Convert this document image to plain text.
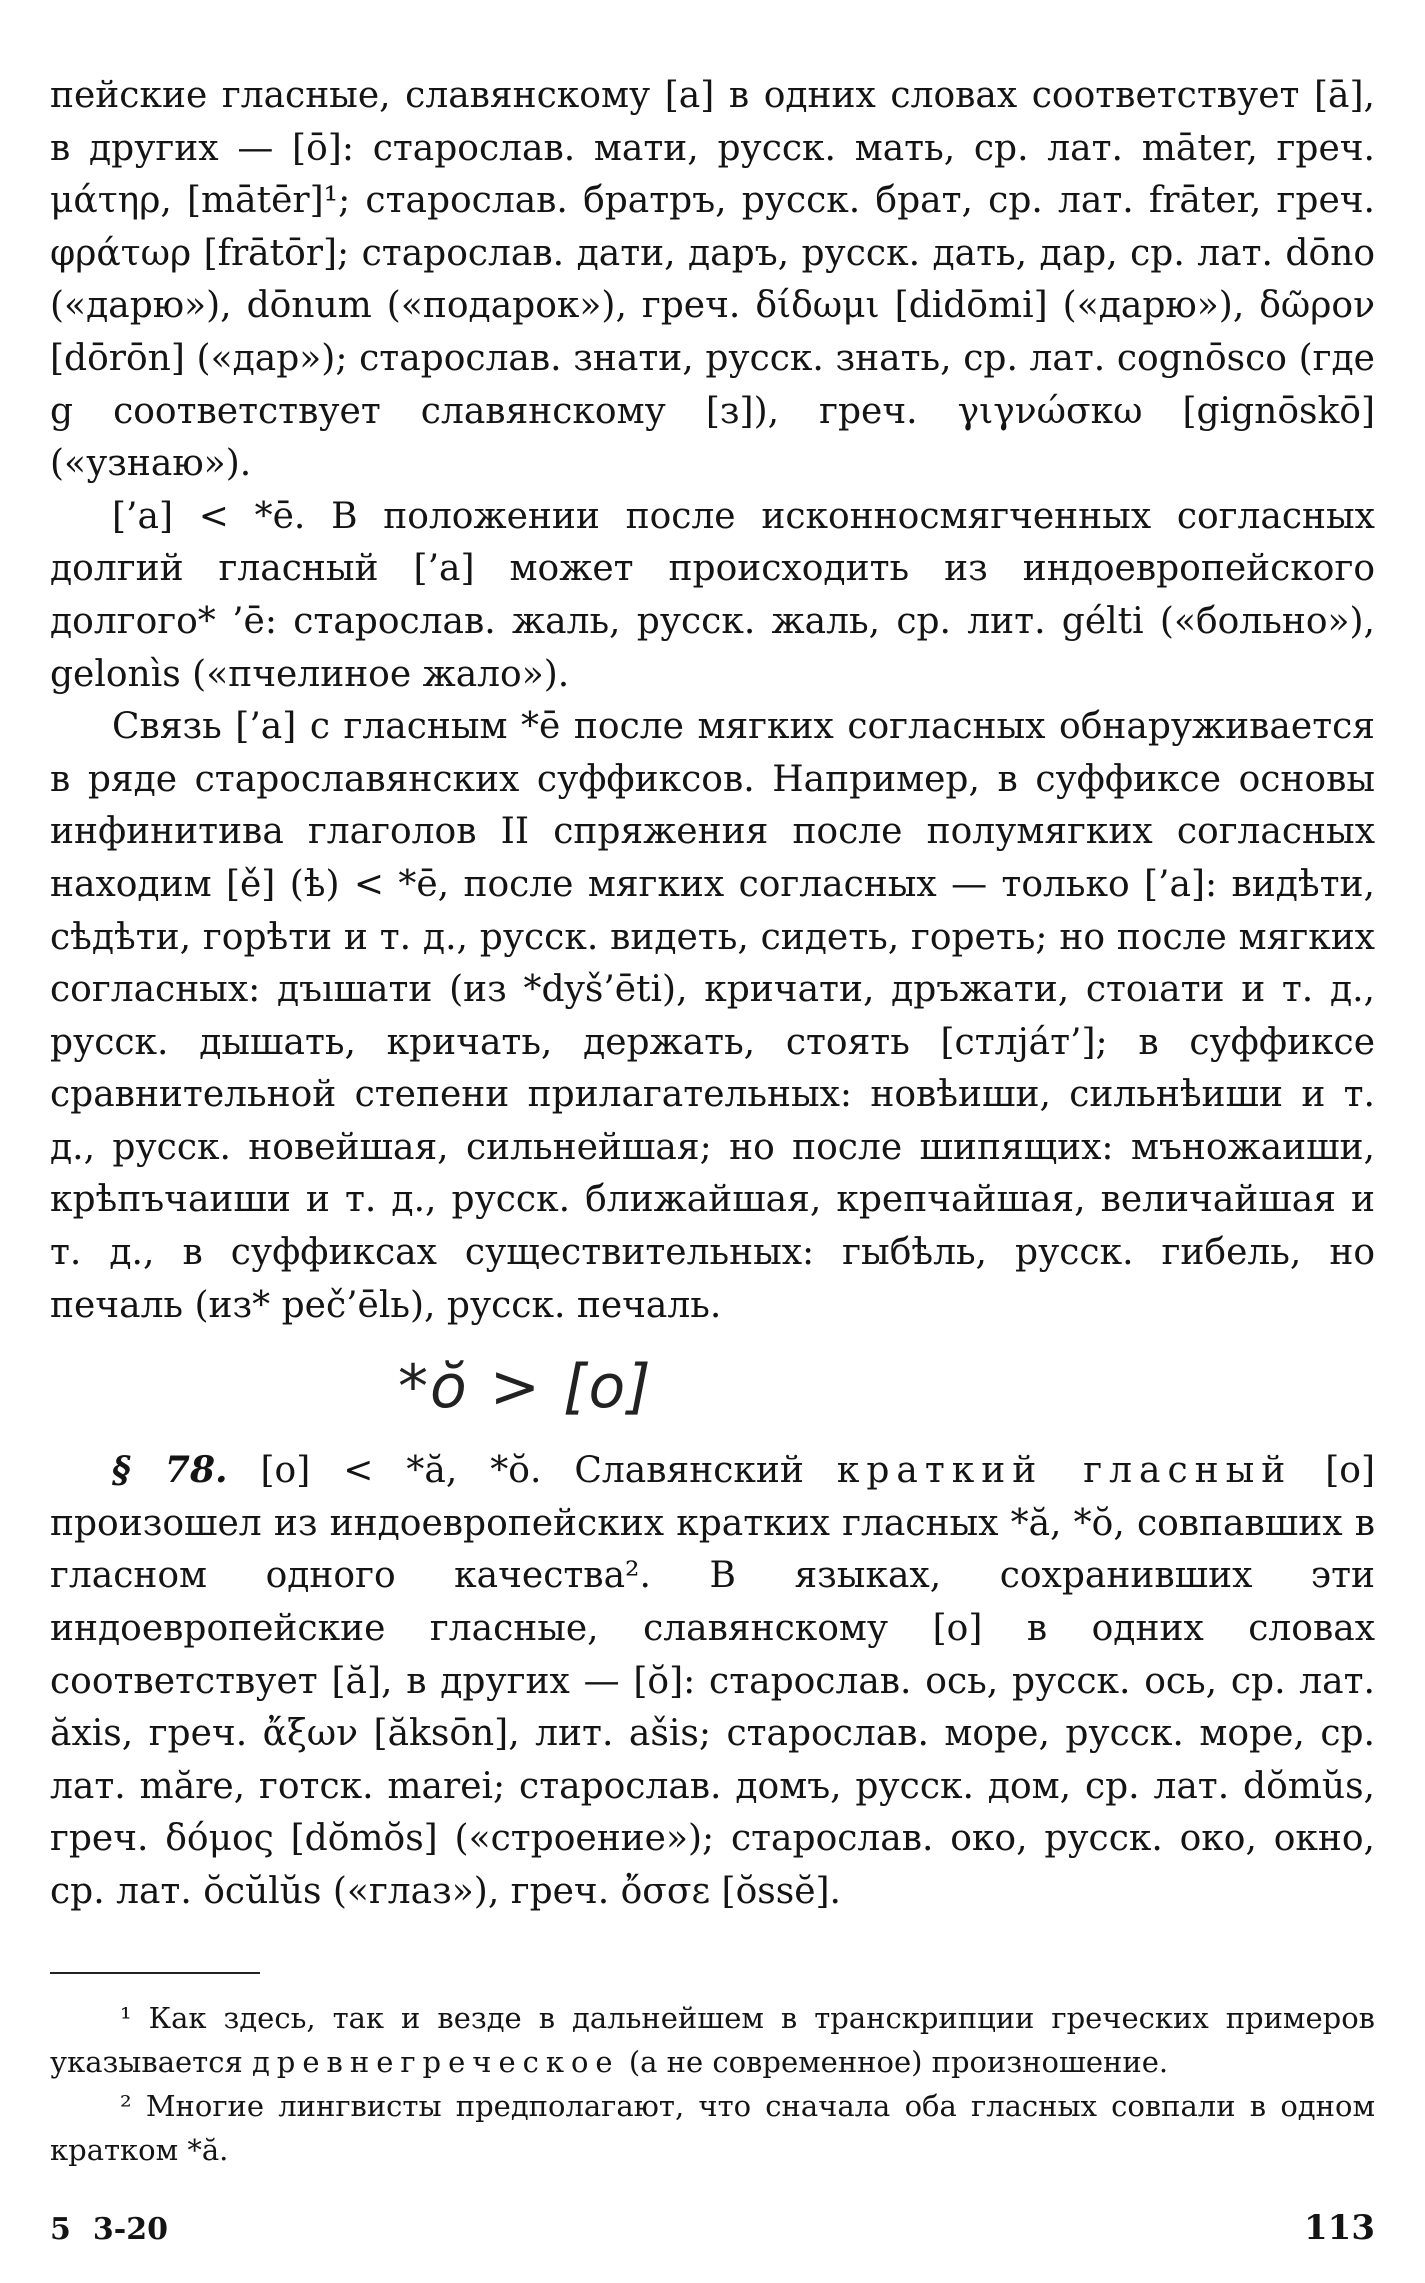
пейские гласные, славянскому [а] в одних словах соответствует [ā], в других — [ō]: старослав. мати, русск. мать, ср. лат. māter, греч. μάτηρ, [mātēr]¹; старослав. братръ, русск. брат, ср. лат. frāter, греч. φράτωρ [frātōr]; старослав. дати, даръ, русск. дать, дар, ср. лат. dōno («дарю»), dōnum («подарок»), греч. δίδωμι [didōmi] («дарю»), δῶρον [dōrōn] («дар»); старослав. знати, русск. знать, ср. лат. cognōsco (где g соответствует славянскому [з]), греч. γιγνώσκω [gignōskō] («узнаю»).

[’а] < *ē. В положении после исконносмягченных согласных долгий гласный [’а] может происходить из индоевропейского долгого* ’ē: старослав. жаль, русск. жаль, ср. лит. gélti («больно»), gelonìs («пчелиное жало»).

Связь [’а] с гласным *ē после мягких согласных обнаруживается в ряде старославянских суффиксов. Например, в суффиксе основы инфинитива глаголов II спряжения после полумягких согласных находим [ě] (ѣ) < *ē, после мягких согласных — только [’а]: видѣти, сѣдѣти, горѣти и т. д., русск. видеть, сидеть, гореть; но после мягких согласных: дъıшати (из *dyš’ēti), кричати, дръжати, стоıати и т. д., русск. дышать, кричать, держать, стоять [стлjáт’]; в суффиксе сравнительной степени прилагательных: новѣиши, сильнѣиши и т. д., русск. новейшая, сильнейшая; но после шипящих: мъножаиши, крѣпъчаиши и т. д., русск. ближайшая, крепчайшая, величайшая и т. д., в суффиксах существительных: гыбѣль, русск. гибель, но печаль (из* peč’ēlь), русск. печаль.

§ 78. [о] < *ă, *ŏ. Славянский краткий гласный [о] произошел из индоевропейских кратких гласных *ă, *ŏ, совпавших в гласном одного качества². В языках, сохранивших эти индоевропейские гласные, славянскому [о] в одних словах соответствует [ă], в других — [ŏ]: старослав. ось, русск. ось, ср. лат. ăxis, греч. ἄξων [ăksōn], лит. ašis; старослав. море, русск. море, ср. лат. măre, готск. marei; старослав. домъ, русск. дом, ср. лат. dŏmŭs, греч. δόμος [dŏmŏs] («строение»); старослав. око, русск. око, окно, ср. лат. ŏcŭlŭs («глаз»), греч. ὄσσε [ŏssĕ].

*ŏ > [о]

¹ Как здесь, так и везде в дальнейшем в транскрипции греческих примеров указывается древнегреческое (а не современное) произношение.

² Многие лингвисты предполагают, что сначала оба гласных совпали в одном кратком *ă.

5 3-20	113
